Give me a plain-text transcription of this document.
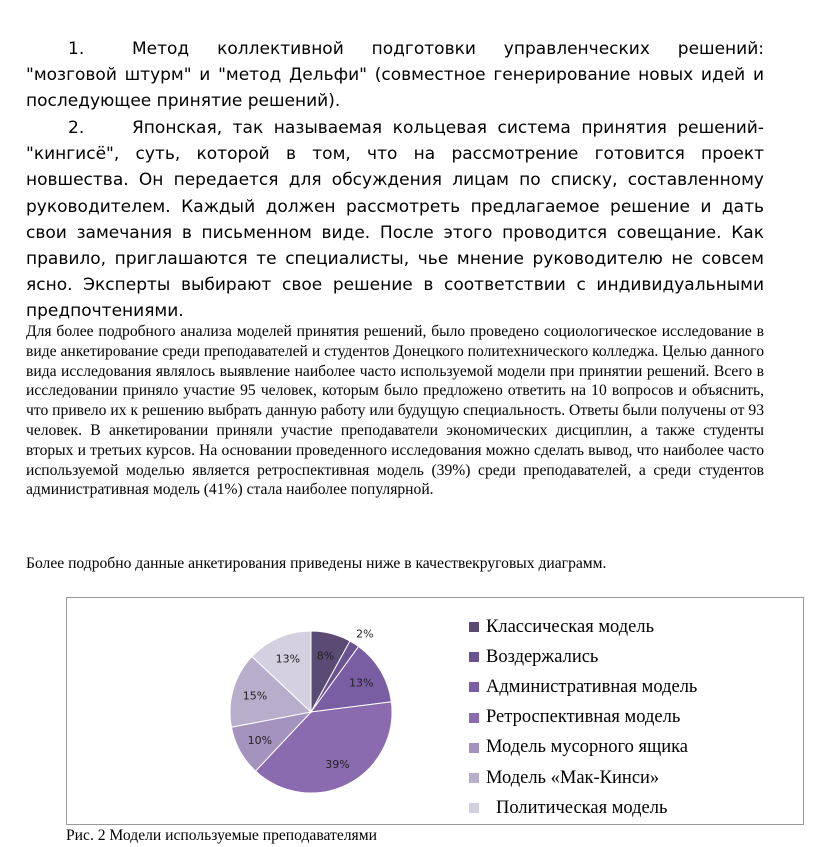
1.	Метод коллективной подготовки управленческих решений: "мозговой штурм" и "метод Дельфи" (совместное генерирование новых идей и последующее принятие решений).

2.	Японская, так называемая кольцевая система принятия решений- "кингисё", суть, которой в том, что на рассмотрение готовится проект новшества. Он передается для обсуждения лицам по списку, составленному руководителем. Каждый должен рассмотреть предлагаемое решение и дать свои замечания в письменном виде. После этого проводится совещание. Как правило, приглашаются те специалисты, чье мнение руководителю не совсем ясно. Эксперты выбирают свое решение в соответствии с индивидуальными предпочтениями.

Для более подробного анализа моделей принятия решений, было проведено социологическое исследование в виде анкетирование среди преподавателей и студентов Донецкого политехнического колледжа. Целью данного вида исследования являлось выявление наиболее часто используемой модели при принятии решений. Всего в исследовании приняло участие 95 человек, которым было предложено ответить на 10 вопросов и объяснить, что привело их к решению выбрать данную работу или будущую специальность. Ответы были получены от 93 человек. В анкетировании приняли участие преподаватели экономических дисциплин, а также студенты вторых и третьих курсов. На основании проведенного исследования можно сделать вывод, что наиболее часто используемой моделью является ретроспективная модель (39%) среди преподавателей, а среди студентов административная модель (41%) стала наиболее популярной.

Более подробно данные анкетирования приведены ниже в качествекруговых диаграмм.

8%
2%
13%
39%
10%
15%
13%
Классическая модель
Воздержались
Административная модель
Ретроспективная модель
Модель мусорного ящика
Модель «Мак-Кинси»
Политическая модель

Рис. 2 Модели используемые преподавателями
